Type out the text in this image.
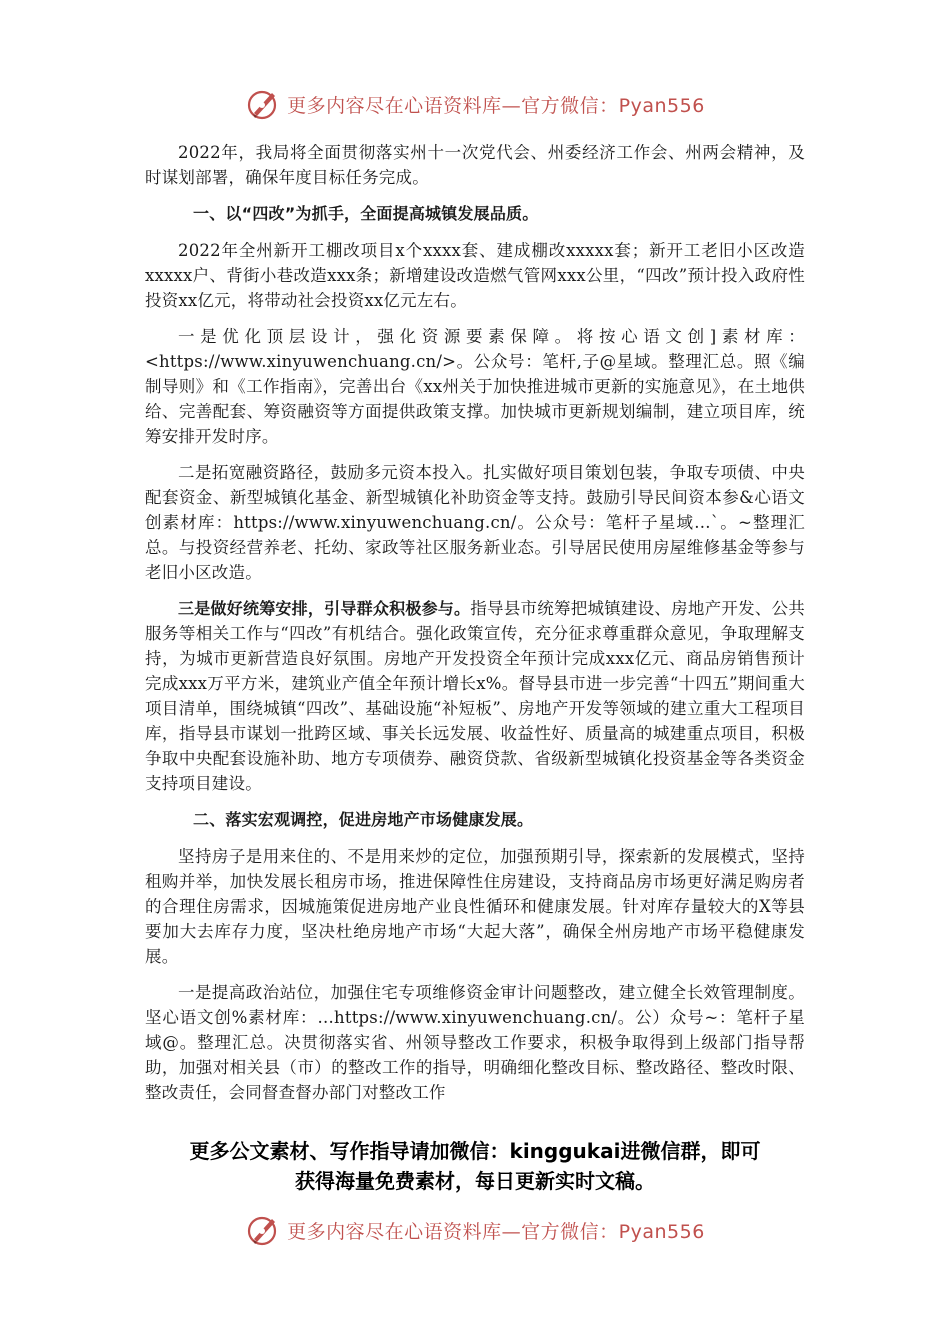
更多内容尽在心语资料库—官方微信：Pyan556

2022年，我局将全面贯彻落实州十一次党代会、州委经济工作会、州两会精神，及时谋划部署，确保年度目标任务完成。

一、以“四改”为抓手，全面提高城镇发展品质。

2022年全州新开工棚改项目x个xxxx套、建成棚改xxxxx套；新开工老旧小区改造xxxxx户、背街小巷改造xxx条；新增建设改造燃气管网xxx公里，“四改”预计投入政府性投资xx亿元，将带动社会投资xx亿元左右。

一是优化顶层设计，强化资源要素保障。将按心语文创]素材库：<https://www.xinyuwenchuang.cn/>。公众号：笔杆,子@星域。整理汇总。照《编制导则》和《工作指南》，完善出台《xx州关于加快推进城市更新的实施意见》，在土地供给、完善配套、筹资融资等方面提供政策支撑。加快城市更新规划编制，建立项目库，统筹安排开发时序。

二是拓宽融资路径，鼓励多元资本投入。扎实做好项目策划包装，争取专项债、中央配套资金、新型城镇化基金、新型城镇化补助资金等支持。鼓励引导民间资本参&心语文创素材库：https://www.xinyuwenchuang.cn/。公众号：笔杆子星域…`。~整理汇总。与投资经营养老、托幼、家政等社区服务新业态。引导居民使用房屋维修基金等参与老旧小区改造。

三是做好统筹安排，引导群众积极参与。指导县市统筹把城镇建设、房地产开发、公共服务等相关工作与“四改”有机结合。强化政策宣传，充分征求尊重群众意见，争取理解支持，为城市更新营造良好氛围。房地产开发投资全年预计完成xxx亿元、商品房销售预计完成xxx万平方米，建筑业产值全年预计增长x%。督导县市进一步完善“十四五”期间重大项目清单，围绕城镇“四改”、基础设施“补短板”、房地产开发等领域的建立重大工程项目库，指导县市谋划一批跨区域、事关长远发展、收益性好、质量高的城建重点项目，积极争取中央配套设施补助、地方专项债券、融资贷款、省级新型城镇化投资基金等各类资金支持项目建设。

二、落实宏观调控，促进房地产市场健康发展。

坚持房子是用来住的、不是用来炒的定位，加强预期引导，探索新的发展模式，坚持租购并举，加快发展长租房市场，推进保障性住房建设，支持商品房市场更好满足购房者的合理住房需求，因城施策促进房地产业良性循环和健康发展。针对库存量较大的X等县要加大去库存力度，坚决杜绝房地产市场“大起大落”，确保全州房地产市场平稳健康发展。

一是提高政治站位，加强住宅专项维修资金审计问题整改，建立健全长效管理制度。坚心语文创%素材库：…https://www.xinyuwenchuang.cn/。公）众号~：笔杆子星域@。整理汇总。决贯彻落实省、州领导整改工作要求，积极争取得到上级部门指导帮助，加强对相关县（市）的整改工作的指导，明确细化整改目标、整改路径、整改时限、整改责任，会同督查督办部门对整改工作

更多公文素材、写作指导请加微信：kinggukai进微信群，即可
获得海量免费素材，每日更新实时文稿。
更多内容尽在心语资料库—官方微信：Pyan556
